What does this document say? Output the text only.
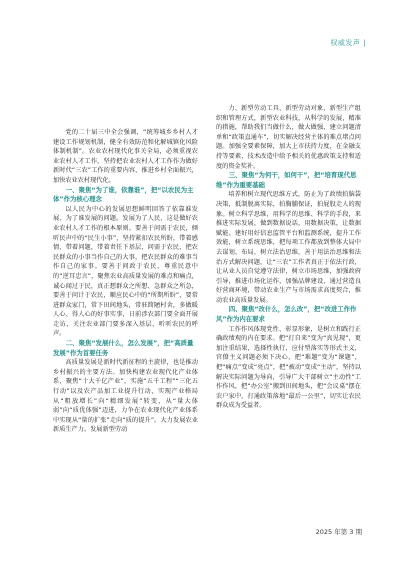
权威发声 |

党的二十届三中全会强调，“统筹城乡乡村人才建设工作规划机制，健全有效防范和化解城镇化风险体制机制”。农业农村现代化事关全局，必须重视农业农村人才工作，坚持把农业农村人才工作作为做好新时代“三农”工作的重要内容，推进乡村全面振兴，加快农业农村现代化。

一、聚焦“为了谁，依靠谁”，把“以农民为主体”作为核心理念

以人民为中心的发展思想鲜明回答了依靠谁发展、为了谁发展的问题。发展为了人民，这是做好农业农村人才工作的根本原则。要善于问需于农民，倾听民声中的“民生小事”，坚持紧扣农民所盼，带着感情、带着问题，带着责任下基层，问需于农民，把农民群众的小事当作自己的大事，把农民群众的难事当作自己的家事。要善于问政于农民，尊重民意中的“逆耳忠言”，聚焦农业高质量发展的难点和痛点，诚心闻过于民，真正想群众之所想、急群众之所急，要善于问计于农民，顺应民心中的“所期所盼”，要常进群众家门，常下田间地头，常驻简陋村舍，多做暖人心、得人心的好事实事，日前涉农部门要全面开展走访，关注农业部门要多深入基层，听听农民的呼声。

二、聚焦“发展什么，怎么发展”，把“高质量发展”作为首要任务

高质量发展是新时代新征程的主旋律，也是推动乡村振兴的主要方法。加快构建农业现代化产业体系，聚焦“十大千亿产业”，实施“五千工程”“三化五行动”以及农产品加工业提升行动，实现产业格局从“粗放增长”向“精细发展”转变，从“量大体弱”向“质优体强”迈进，力争在农业现代化产业体系中实现从“量的扩张”走向“质的提升”。大力发展农业新质生产力。发展新型劳动

力、新型劳动工具、新型劳动对象，新型生产组织和管理方式，新型农业科技，从科学的发展，精准的措施，帮助我们当做什么，做大做强，建立问题清单和“政策直通车”，切实解决经营主体的难点堵点问题。加强全要素保障，加大上市扶持力度，在金融支持等要素，技术改造中给予相关的优惠政策支持和适度的资金奖补。

三、聚焦“为何干，如何干”，把“培育现代思维”作为重要基础

培养和树立现代思维方式，防止为了政绩拍脑袋决策，抵制脱离实际，拍胸脯保证，拍屁股走人的现象。树立科学思维，用科学的思维、科学的手段，来推进实际发展，做到数据说话，用数据决策，让数据赋能。建好用好信息监管平台和监测系统，提升工作效能，树立系统思维，把每项工作都放到整体大局中去谋划、布局，树立法治思维，善于用法治思维和法治方式解决问题，让“三农”工作者真正于依法行政，让从业人员自觉遵守法律，树立市场思维，加强政府引导，推进市场化运作，加强品牌建设，通过营造良好营商环境，带动农业生产与市场需求高度契合，推动农业高质量发展。

四、聚焦“改什么，怎么改”，把“改进工作作风”作为内在要求

工作作风体现党性、彰显形象，是树立和践行正确政绩观的内在要求。把“打自来”变为“真见现”，更加注重结果，选择性执行，应付型落实等形式主义，官僚主义问题必须下决心，把“难题”变为“课题”，把“痛点”变成“亮点”，把“被动”变成“主动”，坚持以解决实际问题为导向，引导广大干部树立“主动性”工作作风，把“办公室”搬到田间地头，把“会议桌”摆在农户家中，打通政策落地“最后一公里”，切实让农民群众成为受益者。

2025 年第 3 期
